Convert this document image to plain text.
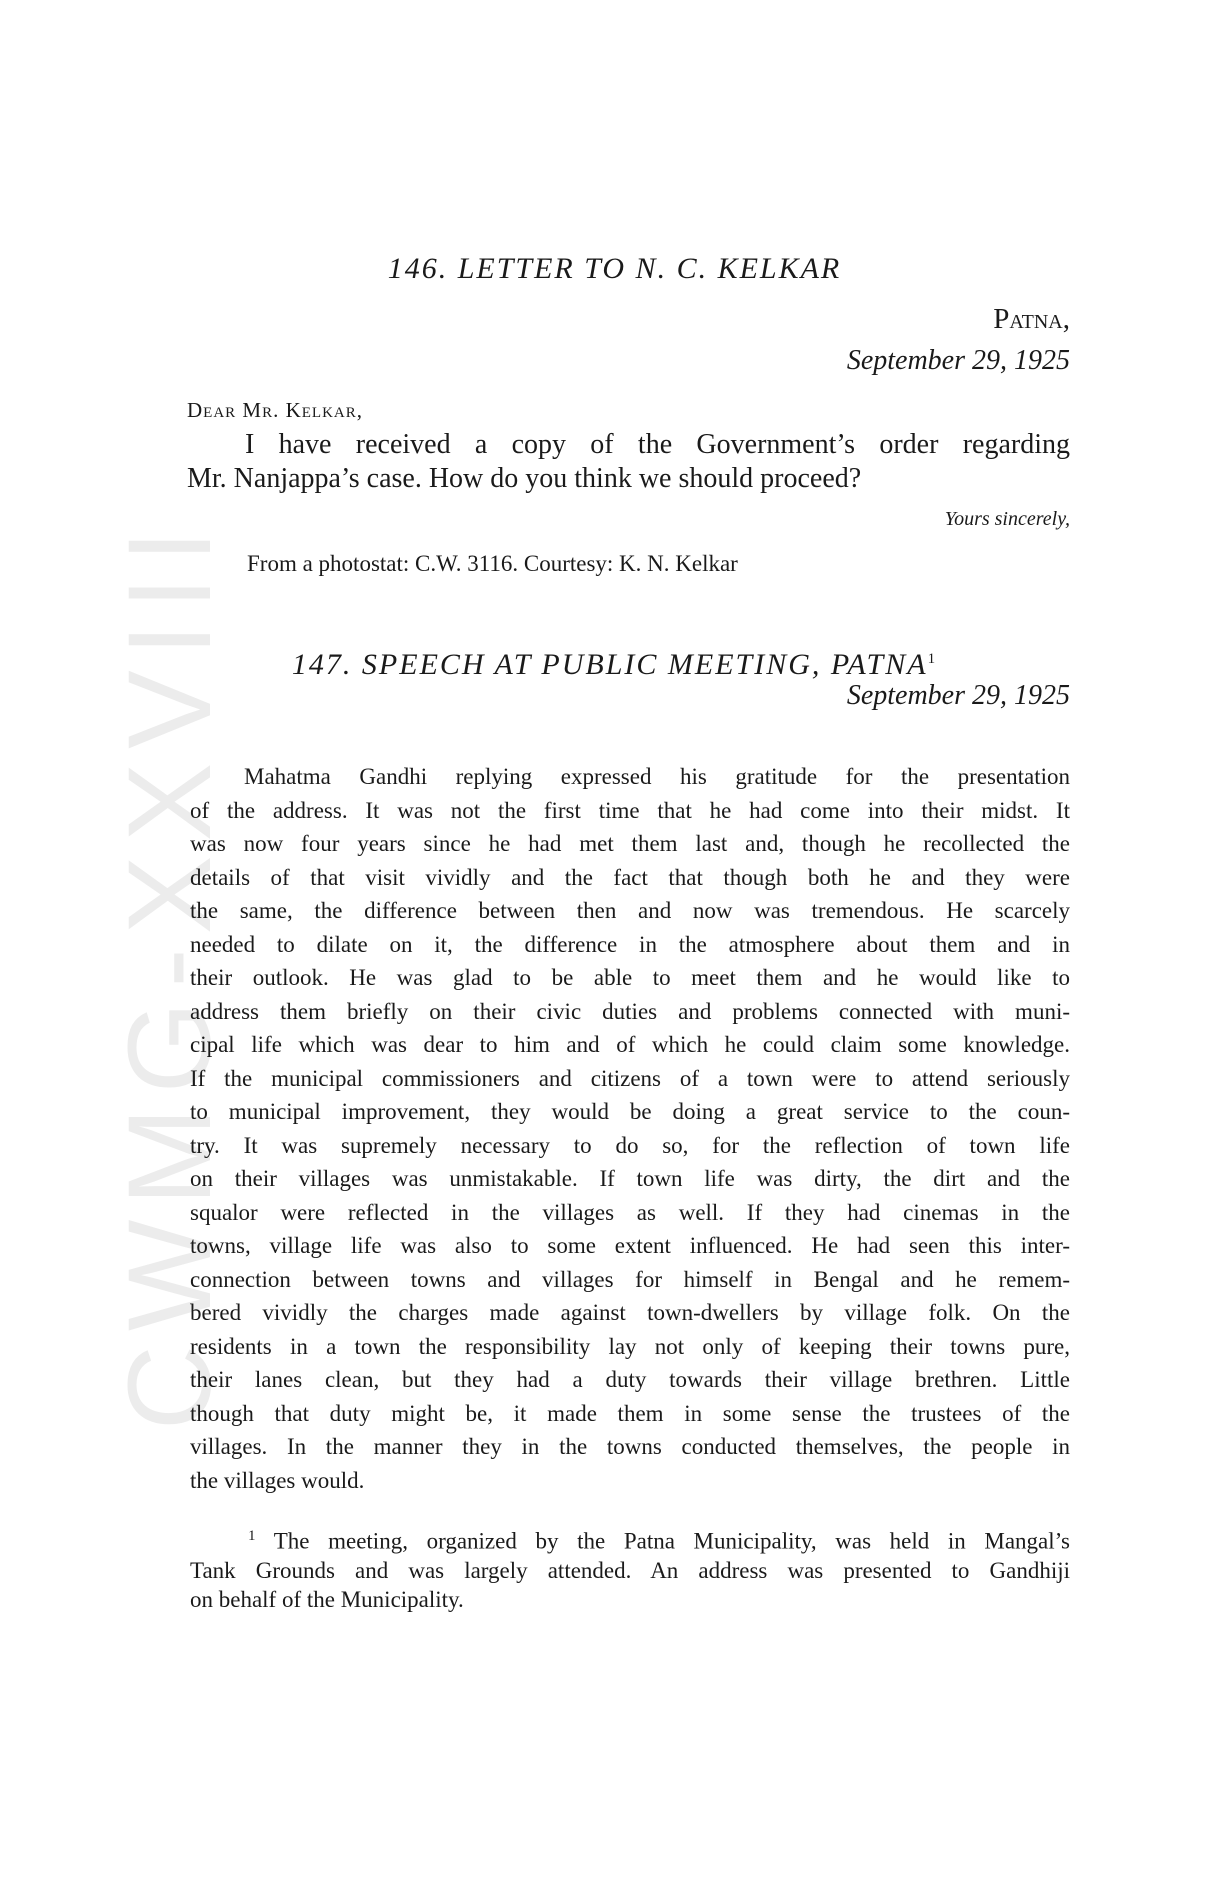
CWMG-XXVIII
146. LETTER TO N. C. KELKAR
Patna,
September 29, 1925
Dear Mr. Kelkar,
I have received a copy of the Government’s order regarding
Mr. Nanjappa’s case. How do you think we should proceed?
Yours sincerely,
From a photostat: C.W. 3116. Courtesy: K. N. Kelkar
147. SPEECH AT PUBLIC MEETING, PATNA$^1$
September 29, 1925
Mahatma Gandhi replying expressed his gratitude for the presentation
of the address. It was not the first time that he had come into their midst. It
was now four years since he had met them last and, though he recollected the
details of that visit vividly and the fact that though both he and they were
the same, the difference between then and now was tremendous. He scarcely
needed to dilate on it, the difference in the atmosphere about them and in
their outlook. He was glad to be able to meet them and he would like to
address them briefly on their civic duties and problems connected with muni-
cipal life which was dear to him and of which he could claim some knowledge.
If the municipal commissioners and citizens of a town were to attend seriously
to municipal improvement, they would be doing a great service to the coun-
try. It was supremely necessary to do so, for the reflection of town life
on their villages was unmistakable. If town life was dirty, the dirt and the
squalor were reflected in the villages as well. If they had cinemas in the
towns, village life was also to some extent influenced. He had seen this inter-
connection between towns and villages for himself in Bengal and he remem-
bered vividly the charges made against town-dwellers by village folk. On the
residents in a town the responsibility lay not only of keeping their towns pure,
their lanes clean, but they had a duty towards their village brethren. Little
though that duty might be, it made them in some sense the trustees of the
villages. In the manner they in the towns conducted themselves, the people in
the villages would.
$^1$ The meeting, organized by the Patna Municipality, was held in Mangal’s
Tank Grounds and was largely attended. An address was presented to Gandhiji
on behalf of the Municipality.
